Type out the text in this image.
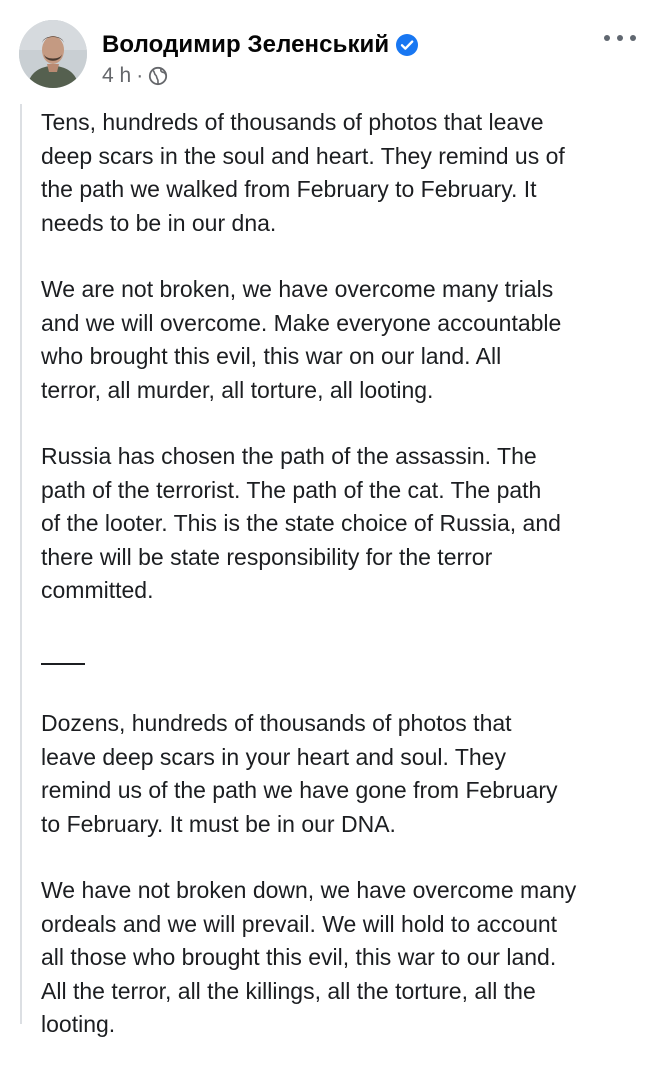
Володимир Зеленський
4 h ·

Tens, hundreds of thousands of photos that leave
deep scars in the soul and heart. They remind us of
the path we walked from February to February. It
needs to be in our dna.

We are not broken, we have overcome many trials
and we will overcome. Make everyone accountable
who brought this evil, this war on our land. All
terror, all murder, all torture, all looting.

Russia has chosen the path of the assassin. The
path of the terrorist. The path of the cat. The path
of the looter. This is the state choice of Russia, and
there will be state responsibility for the terror
committed.

Dozens, hundreds of thousands of photos that
leave deep scars in your heart and soul. They
remind us of the path we have gone from February
to February. It must be in our DNA.

We have not broken down, we have overcome many
ordeals and we will prevail. We will hold to account
all those who brought this evil, this war to our land.
All the terror, all the killings, all the torture, all the
looting.
